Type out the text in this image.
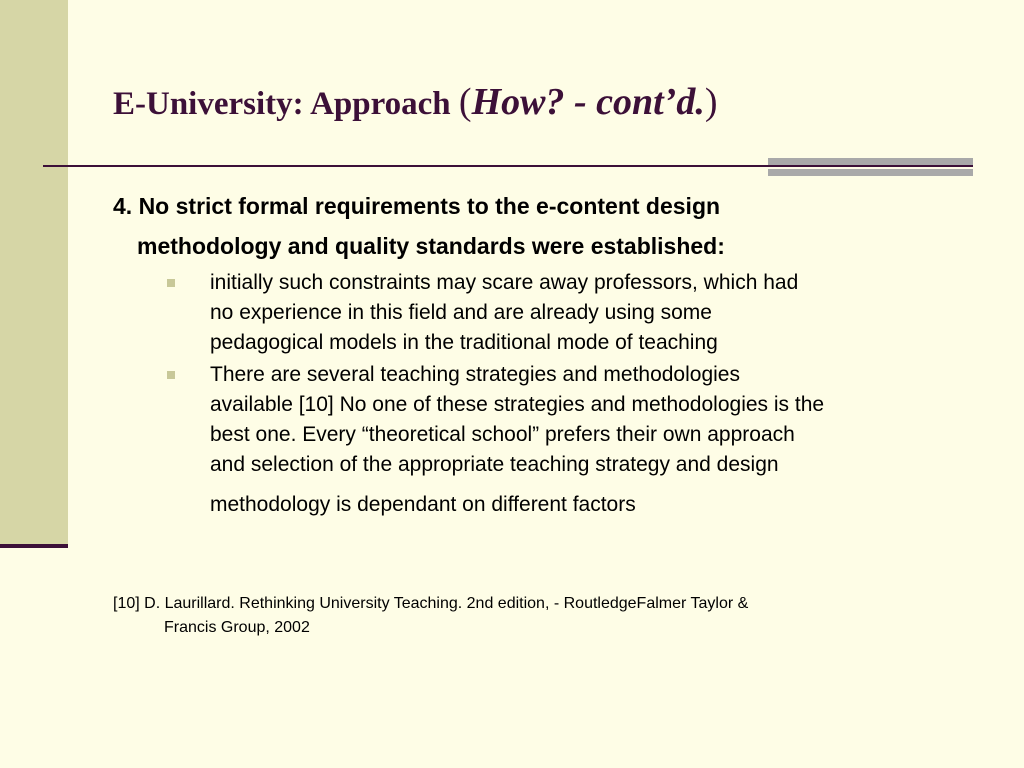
E-University: Approach (How? - cont’d.)
4. No strict formal requirements to the e-content design
methodology and quality standards were established:
initially such constraints may scare away professors, which had
no experience in this field and are already using some
pedagogical models in the traditional mode of teaching
There are several teaching strategies and methodologies
available [10] No one of these strategies and methodologies is the
best one. Every “theoretical school” prefers their own approach
and selection of the appropriate teaching strategy and design
methodology is dependant on different factors
[10] D. Laurillard. Rethinking University Teaching. 2nd edition, - RoutledgeFalmer Taylor &
Francis Group, 2002
